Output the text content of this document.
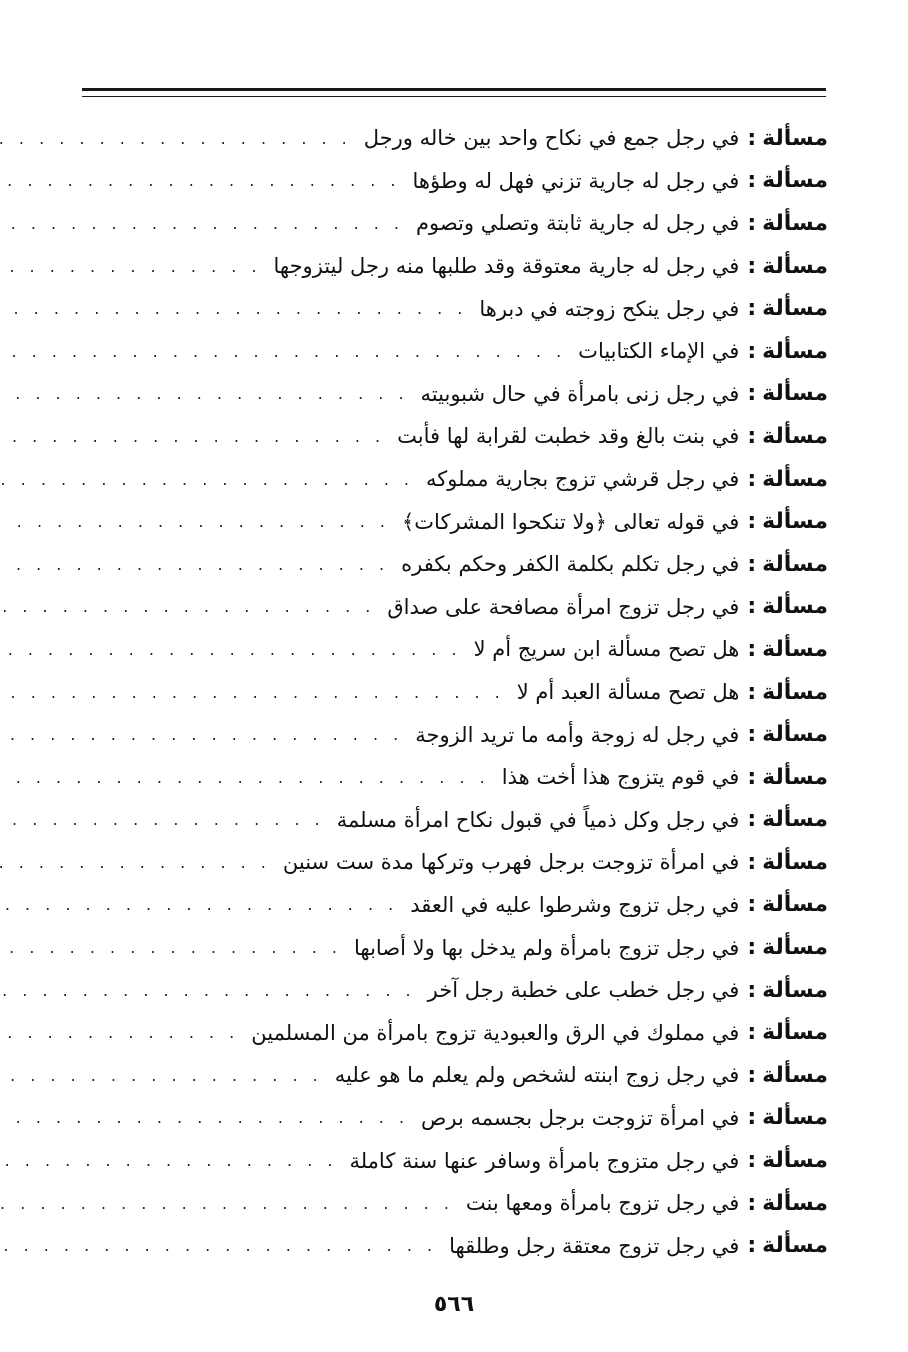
مسألة
:
في رجل جمع في نكاح واحد بين خاله ورجل
. . .
مسألة
:
في رجل له جارية تزني فهل له وطؤها
. . .
مسألة
:
في رجل له جارية ثابتة وتصلي وتصوم
. . .
مسألة
:
في رجل له جارية معتوقة وقد طلبها منه رجل ليتزوجها
. . .
مسألة
:
في رجل ينكح زوجته في دبرها
. . .
مسألة
:
في الإماء الكتابيات
. . .
مسألة
:
في رجل زنى بامرأة في حال شبوبيته
. . .
مسألة
:
في بنت بالغ وقد خطبت لقرابة لها فأبت
. . .
مسألة
:
في رجل قرشي تزوج بجارية مملوكه
. . .
مسألة
:
في قوله تعالى ﴿ولا تنكحوا المشركات﴾
. . .
مسألة
:
في رجل تكلم بكلمة الكفر وحكم بكفره
. . .
مسألة
:
في رجل تزوج امرأة مصافحة على صداق
. . .
مسألة
:
هل تصح مسألة ابن سريج أم لا
. . .
مسألة
:
هل تصح مسألة العبد أم لا
. . .
مسألة
:
في رجل له زوجة وأمه ما تريد الزوجة
. . .
مسألة
:
في قوم يتزوج هذا أخت هذا
. . .
مسألة
:
في رجل وكل ذمياً في قبول نكاح امرأة مسلمة
. . .
مسألة
:
في امرأة تزوجت برجل فهرب وتركها مدة ست سنين
. . .
مسألة
:
في رجل تزوج وشرطوا عليه في العقد
. . .
مسألة
:
في رجل تزوج بامرأة ولم يدخل بها ولا أصابها
. . .
مسألة
:
في رجل خطب على خطبة رجل آخر
. . .
مسألة
:
في مملوك في الرق والعبودية تزوج بامرأة من المسلمين
. . .
مسألة
:
في رجل زوج ابنته لشخص ولم يعلم ما هو عليه
. . .
مسألة
:
في امرأة تزوجت برجل بجسمه برص
. . .
مسألة
:
في رجل متزوج بامرأة وسافر عنها سنة كاملة
. . .
مسألة
:
في رجل تزوج بامرأة ومعها بنت
. . .
مسألة
:
في رجل تزوج معتقة رجل وطلقها
. . .
٥٦٦
